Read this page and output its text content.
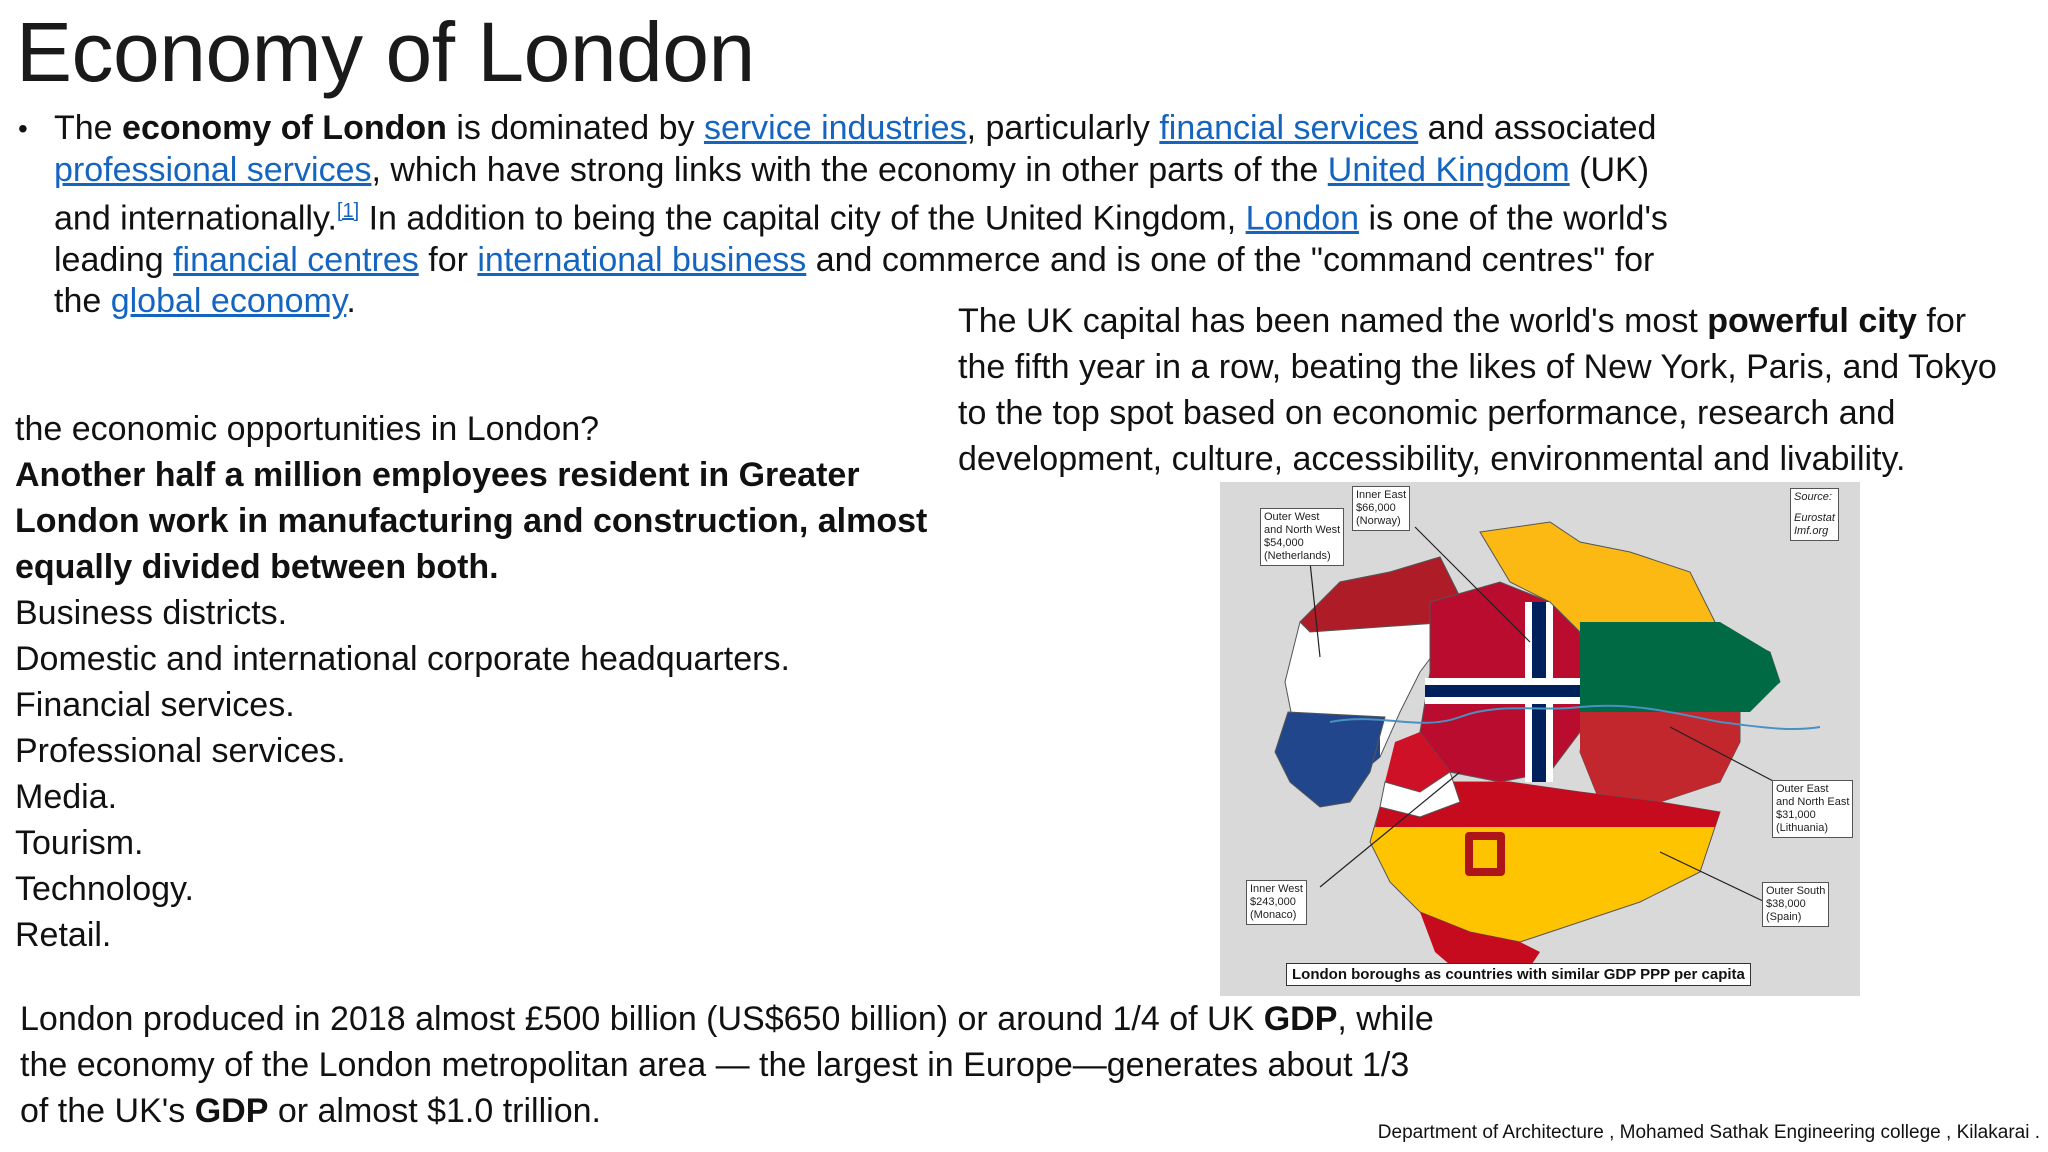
Economy of London
• The economy of London is dominated by service industries, particularly financial services and associated professional services, which have strong links with the economy in other parts of the United Kingdom (UK) and internationally.[1] In addition to being the capital city of the United Kingdom, London is one of the world's leading financial centres for international business and commerce and is one of the "command centres" for the global economy.
The UK capital has been named the world's most powerful city for the fifth year in a row, beating the likes of New York, Paris, and Tokyo to the top spot based on economic performance, research and development, culture, accessibility, environmental and livability.
the economic opportunities in London?
Another half a million employees resident in Greater
London work in manufacturing and construction, almost
equally divided between both.
Business districts.
Domestic and international corporate headquarters.
Financial services.
Professional services.
Media.
Tourism.
Technology.
Retail.
Outer West
and North West
$54,000
(Netherlands)
Inner East
$66,000
(Norway)
Source:
Eurostat
Imf.org
Outer East
and North East
$31,000
(Lithuania)
Inner West
$243,000
(Monaco)
Outer South
$38,000
(Spain)
London boroughs as countries with similar GDP PPP per capita
London produced in 2018 almost £500 billion (US$650 billion) or around 1/4 of UK GDP, while the economy of the London metropolitan area — the largest in Europe—generates about 1/3 of the UK's GDP or almost $1.0 trillion.
Department of Architecture , Mohamed Sathak Engineering college , Kilakarai .
